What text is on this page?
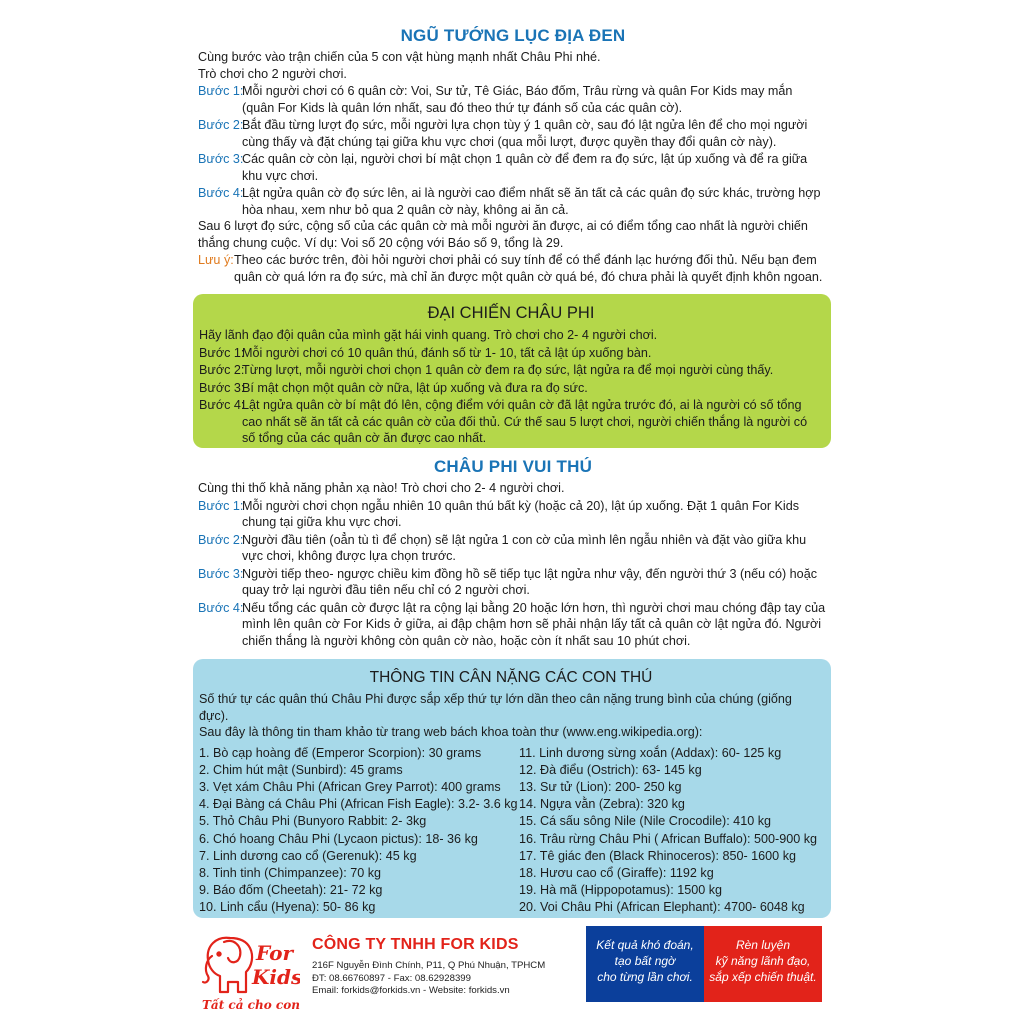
NGŨ TƯỚNG LỤC ĐỊA ĐEN
Cùng bước vào trận chiến của 5 con vật hùng mạnh nhất Châu Phi nhé.
Trò chơi cho 2 người chơi.
Bước 1:
Mỗi người chơi có 6 quân cờ: Voi, Sư tử, Tê Giác, Báo đốm, Trâu rừng và quân For Kids may mắn (quân For Kids là quân lớn nhất, sau đó theo thứ tự đánh số của các quân cờ).
Bước 2:
Bắt đầu từng lượt đọ sức, mỗi người lựa chọn tùy ý 1 quân cờ, sau đó lật ngửa lên để cho mọi người cùng thấy và đặt chúng tại giữa khu vực chơi (qua mỗi lượt, được quyền thay đổi quân cờ này).
Bước 3:
Các quân cờ còn lại, người chơi bí mật chọn 1 quân cờ để đem ra đọ sức, lật úp xuống và để ra giữa khu vực chơi.
Bước 4:
Lật ngửa quân cờ đọ sức lên, ai là người cao điểm nhất sẽ ăn tất cả các quân đọ sức khác, trường hợp hòa nhau, xem như bỏ qua 2 quân cờ này, không ai ăn cả.
Sau 6 lượt đọ sức, cộng số của các quân cờ mà mỗi người ăn được, ai có điểm tổng cao nhất là người chiến thắng chung cuộc. Ví dụ: Voi số 20 cộng với Báo số 9, tổng là 29.
Lưu ý: Theo các bước trên, đòi hỏi người chơi phải có suy tính để có thể đánh lạc hướng đối thủ. Nếu bạn đem quân cờ quá lớn ra đọ sức, mà chỉ ăn được một quân cờ quá bé, đó chưa phải là quyết định khôn ngoan.
ĐẠI CHIẾN CHÂU PHI
Hãy lãnh đạo đội quân của mình gặt hái vinh quang. Trò chơi cho 2- 4 người chơi.
Bước 1:
Mỗi người chơi có 10 quân thú, đánh số từ 1- 10, tất cả lật úp xuống bàn.
Bước 2:
Từng lượt, mỗi người chơi chọn 1 quân cờ đem ra đọ sức, lật ngửa ra để mọi người cùng thấy.
Bước 3:
Bí mật chọn một quân cờ nữa, lật úp xuống và đưa ra đọ sức.
Bước 4:
Lật ngửa quân cờ bí mật đó lên, cộng điểm với quân cờ đã lật ngửa trước đó, ai là người có số tổng cao nhất sẽ ăn tất cả các quân cờ của đối thủ. Cứ thế sau 5 lượt chơi, người chiến thắng là người có số tổng của các quân cờ ăn được cao nhất.
CHÂU PHI VUI THÚ
Cùng thi thố khả năng phản xạ nào! Trò chơi cho 2- 4 người chơi.
Bước 1:
Mỗi người chơi chọn ngẫu nhiên 10 quân thú bất kỳ (hoặc cả 20), lật úp xuống. Đặt 1 quân For Kids chung tại giữa khu vực chơi.
Bước 2:
Người đầu tiên (oẳn tù tì để chọn) sẽ lật ngửa 1 con cờ của mình lên ngẫu nhiên và đặt vào giữa khu vực chơi, không được lựa chọn trước.
Bước 3:
Người tiếp theo- ngược chiều kim đồng hồ sẽ tiếp tục lật ngửa như vậy, đến người thứ 3 (nếu có) hoặc quay trở lại người đầu tiên nếu chỉ có 2 người chơi.
Bước 4:
Nếu tổng các quân cờ được lật ra cộng lại bằng 20 hoặc lớn hơn, thì người chơi mau chóng đập tay của mình lên quân cờ For Kids ở giữa, ai đập chậm hơn sẽ phải nhận lấy tất cả quân cờ lật ngửa đó. Người chiến thắng là người không còn quân cờ nào, hoặc còn ít nhất sau 10 phút chơi.
THÔNG TIN CÂN NẶNG CÁC CON THÚ
Số thứ tự các quân thú Châu Phi được sắp xếp thứ tự lớn dần theo cân nặng trung bình của chúng (giống đực).
Sau đây là thông tin tham khảo từ trang web bách khoa toàn thư (www.eng.wikipedia.org):
1. Bò cạp hoàng đế (Emperor Scorpion): 30 grams
2. Chim hút mật (Sunbird): 45 grams
3. Vẹt xám Châu Phi (African Grey Parrot): 400 grams
4. Đại Bàng cá Châu Phi (African Fish Eagle): 3.2- 3.6 kg
5. Thỏ Châu Phi (Bunyoro Rabbit: 2- 3kg
6. Chó hoang Châu Phi (Lycaon pictus): 18- 36 kg
7. Linh dương cao cổ (Gerenuk): 45 kg
8. Tinh tinh (Chimpanzee): 70 kg
9. Báo đốm (Cheetah): 21- 72 kg
10. Linh cẩu (Hyena): 50- 86 kg
11. Linh dương sừng xoắn (Addax): 60- 125 kg
12. Đà điểu (Ostrich): 63- 145 kg
13. Sư tử (Lion): 200- 250 kg
14. Ngựa vằn (Zebra): 320 kg
15. Cá sấu sông Nile (Nile Crocodile): 410 kg
16. Trâu rừng Châu Phi ( African Buffalo): 500-900 kg
17. Tê giác đen (Black Rhinoceros): 850- 1600 kg
18. Hươu cao cổ (Giraffe): 1192 kg
19. Hà mã (Hippopotamus): 1500 kg
20. Voi Châu Phi (African Elephant): 4700- 6048 kg
For
Kids
Tất cả cho con
CÔNG TY TNHH FOR KIDS
216F Nguyễn Đình Chính, P11, Q Phú Nhuận, TPHCM
ĐT: 08.66760897 - Fax: 08.62928399
Email: forkids@forkids.vn - Website: forkids.vn
Kết quả khó đoán,
tạo bất ngờ
cho từng lần chơi.
Rèn luyện
kỹ năng lãnh đạo,
sắp xếp chiến thuật.
